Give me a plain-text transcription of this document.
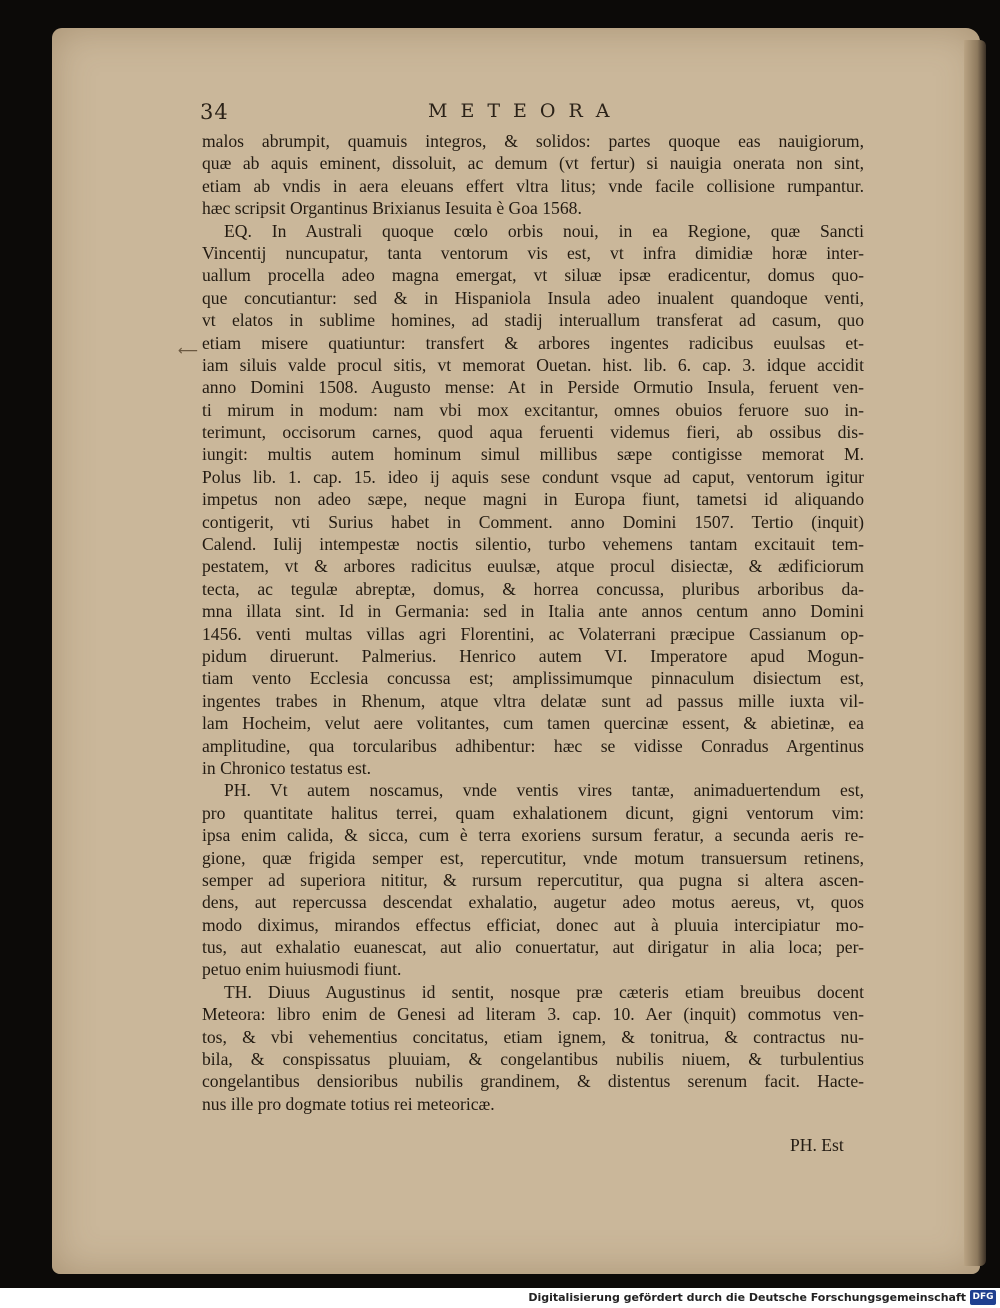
34	METEORA
malos abrumpit, quamuis integros, & solidos: partes quoque eas nauigiorum,
quæ ab aquis eminent, dissoluit, ac demum (vt fertur) si nauigia onerata non sint,
etiam ab vndis in aera eleuans effert vltra litus; vnde facile collisione rumpantur.
hæc scripsit Organtinus Brixianus Iesuita è Goa 1568.
EQ. In Australi quoque cœlo orbis noui, in ea Regione, quæ Sancti
Vincentij nuncupatur, tanta ventorum vis est, vt infra dimidiæ horæ inter-
uallum procella adeo magna emergat, vt siluæ ipsæ eradicentur, domus quo-
que concutiantur: sed & in Hispaniola Insula adeo inualent quandoque venti,
vt elatos in sublime homines, ad stadij interuallum transferat ad casum, quo
etiam misere quatiuntur: transfert & arbores ingentes radicibus euulsas et-
iam siluis valde procul sitis, vt memorat Ouetan. hist. lib. 6. cap. 3. idque accidit
anno Domini 1508. Augusto mense: At in Perside Ormutio Insula, feruent ven-
ti mirum in modum: nam vbi mox excitantur, omnes obuios feruore suo in-
terimunt, occisorum carnes, quod aqua feruenti videmus fieri, ab ossibus dis-
iungit: multis autem hominum simul millibus sæpe contigisse memorat M.
Polus lib. 1. cap. 15. ideo ij aquis sese condunt vsque ad caput, ventorum igitur
impetus non adeo sæpe, neque magni in Europa fiunt, tametsi id aliquando
contigerit, vti Surius habet in Comment. anno Domini 1507. Tertio (inquit)
Calend. Iulij intempestæ noctis silentio, turbo vehemens tantam excitauit tem-
pestatem, vt & arbores radicitus euulsæ, atque procul disiectæ, & ædificiorum
tecta, ac tegulæ abreptæ, domus, & horrea concussa, pluribus arboribus da-
mna illata sint. Id in Germania: sed in Italia ante annos centum anno Domini
1456. venti multas villas agri Florentini, ac Volaterrani præcipue Cassianum op-
pidum diruerunt. Palmerius. Henrico autem VI. Imperatore apud Mogun-
tiam vento Ecclesia concussa est; amplissimumque pinnaculum disiectum est,
ingentes trabes in Rhenum, atque vltra delatæ sunt ad passus mille iuxta vil-
lam Hocheim, velut aere volitantes, cum tamen quercinæ essent, & abietinæ, ea
amplitudine, qua torcularibus adhibentur: hæc se vidisse Conradus Argentinus
in Chronico testatus est.
PH. Vt autem noscamus, vnde ventis vires tantæ, animaduertendum est,
pro quantitate halitus terrei, quam exhalationem dicunt, gigni ventorum vim:
ipsa enim calida, & sicca, cum è terra exoriens sursum feratur, a secunda aeris re-
gione, quæ frigida semper est, repercutitur, vnde motum transuersum retinens,
semper ad superiora nititur, & rursum repercutitur, qua pugna si altera ascen-
dens, aut repercussa descendat exhalatio, augetur adeo motus aereus, vt, quos
modo diximus, mirandos effectus efficiat, donec aut à pluuia intercipiatur mo-
tus, aut exhalatio euanescat, aut alio conuertatur, aut dirigatur in alia loca; per-
petuo enim huiusmodi fiunt.
TH. Diuus Augustinus id sentit, nosque præ cæteris etiam breuibus docent
Meteora: libro enim de Genesi ad literam 3. cap. 10. Aer (inquit) commotus ven-
tos, & vbi vehementius concitatus, etiam ignem, & tonitrua, & contractus nu-
bila, & conspissatus pluuiam, & congelantibus nubilis niuem, & turbulentius
congelantibus densioribus nubilis grandinem, & distentus serenum facit. Hacte-
nus ille pro dogmate totius rei meteoricæ.
PH. Est
⟵
Digitalisierung gefördert durch die Deutsche Forschungsgemeinschaft DFG
